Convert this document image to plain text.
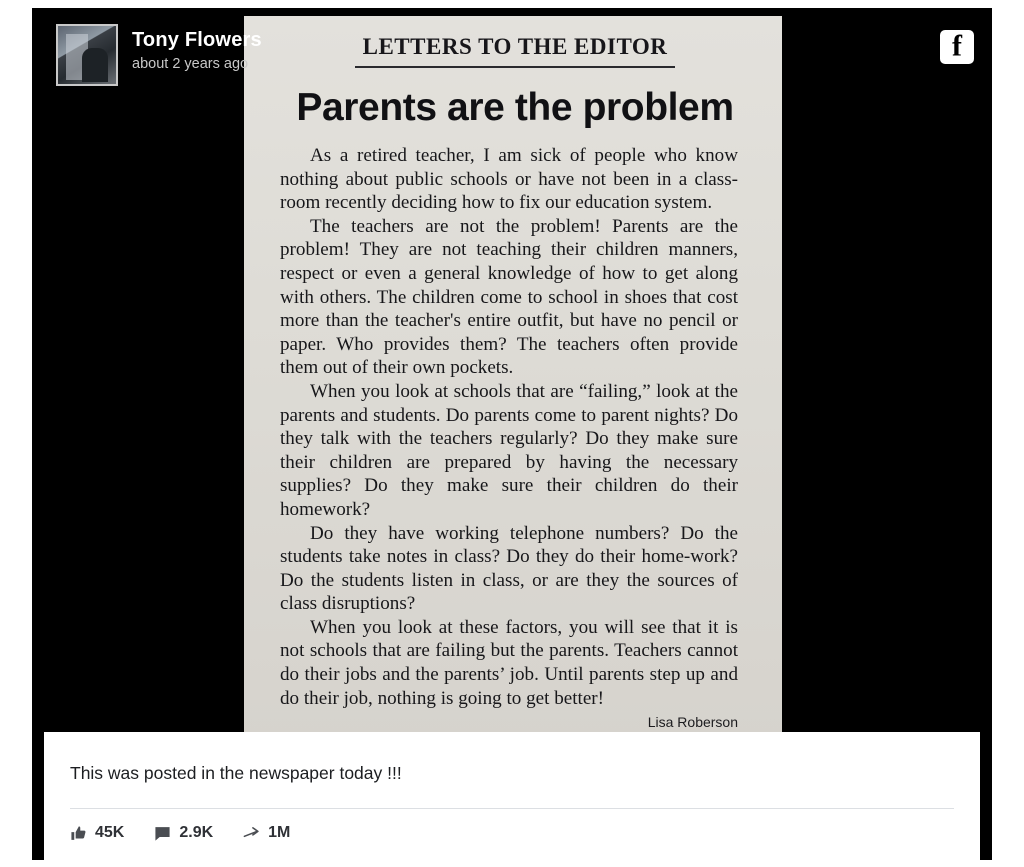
Tony Flowers
about 2 years ago
f
LETTERS TO THE EDITOR
Parents are the problem

As a retired teacher, I am sick of people who know nothing about public schools or have not been in a class-room recently deciding how to fix our education system.

The teachers are not the problem! Parents are the problem! They are not teaching their children manners, respect or even a general knowledge of how to get along with others. The children come to school in shoes that cost more than the teacher's entire outfit, but have no pencil or paper. Who provides them? The teachers often provide them out of their own pockets.

When you look at schools that are “failing,” look at the parents and students. Do parents come to parent nights? Do they talk with the teachers regularly? Do they make sure their children are prepared by having the necessary supplies? Do they make sure their children do their homework?

Do they have working telephone numbers? Do the students take notes in class? Do they do their home-work? Do the students listen in class, or are they the sources of class disruptions?

When you look at these factors, you will see that it is not schools that are failing but the parents. Teachers cannot do their jobs and the parents’ job. Until parents step up and do their job, nothing is going to get better!

Lisa Roberson
This was posted in the newspaper today !!!
45K	2.9K	1M
